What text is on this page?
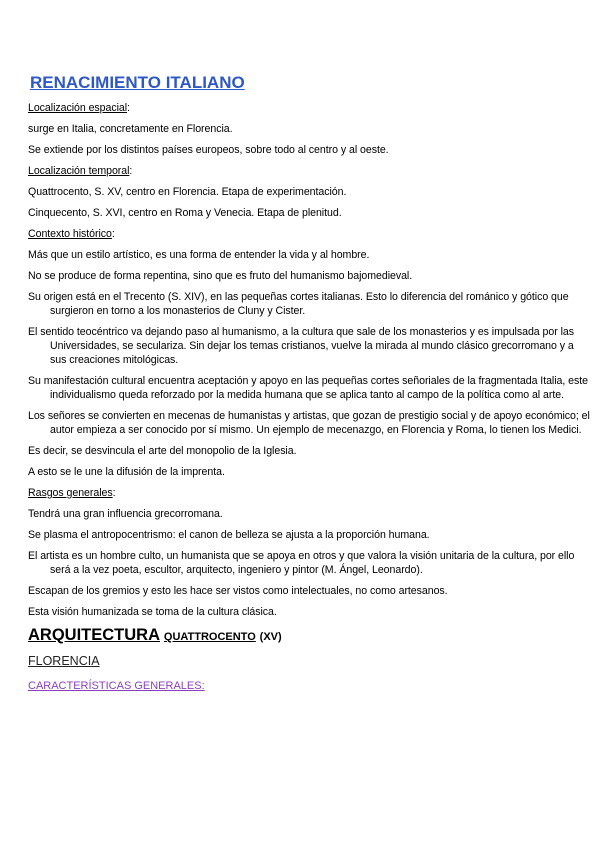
RENACIMIENTO ITALIANO
Localización espacial:
surge en Italia, concretamente en Florencia.
Se extiende por los distintos países europeos, sobre todo al centro y al oeste.
Localización temporal:
Quattrocento, S. XV, centro en Florencia. Etapa de experimentación.
Cinquecento, S. XVI, centro en Roma y Venecia. Etapa de plenitud.
Contexto histórico:
Más que un estilo artístico, es una forma de entender la vida y al hombre.
No se produce de forma repentina, sino que es fruto del humanismo bajomedieval.
Su origen está en el Trecento (S. XIV), en las pequeñas cortes italianas. Esto lo diferencia del románico y gótico que surgieron en torno a los monasterios de Cluny y Cister.
El sentido teocéntrico va dejando paso al humanismo, a la cultura que sale de los monasterios y es impulsada por las Universidades, se seculariza. Sin dejar los temas cristianos, vuelve la mirada al mundo clásico grecorromano y a sus creaciones mitológicas.
Su manifestación cultural encuentra aceptación y apoyo en las pequeñas cortes señoriales de la fragmentada Italia, este individualismo queda reforzado por la medida humana que se aplica tanto al campo de la política como al arte.
Los señores se convierten en mecenas de humanistas y artistas, que gozan de prestigio social y de apoyo económico; el autor empieza a ser conocido por sí mismo. Un ejemplo de mecenazgo, en Florencia y Roma, lo tienen los Medici.
Es decir, se desvincula el arte del monopolio de la Iglesia.
A esto se le une la difusión de la imprenta.
Rasgos generales:
Tendrá una gran influencia grecorromana.
Se plasma el antropocentrismo: el canon de belleza se ajusta a la proporción humana.
El artista es un hombre culto, un humanista que se apoya en otros y que valora la visión unitaria de la cultura, por ello será a la vez poeta, escultor, arquitecto, ingeniero y pintor (M. Ángel, Leonardo).
Escapan de los gremios y esto les hace ser vistos como intelectuales, no como artesanos.
Esta visión humanizada se toma de la cultura clásica.
ARQUITECTURA QUATTROCENTO (XV)
FLORENCIA
CARACTERÍSTICAS GENERALES:
